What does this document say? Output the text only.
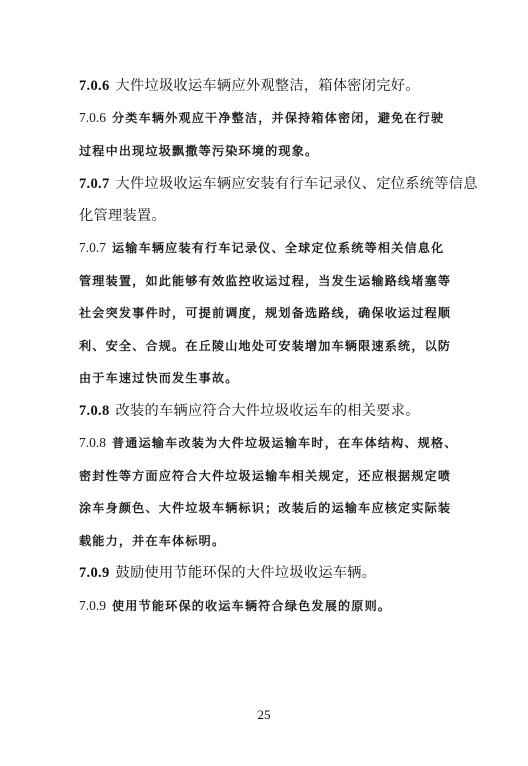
7.0.6 大件垃圾收运车辆应外观整洁，箱体密闭完好。
7.0.6 分类车辆外观应干净整洁，并保持箱体密闭，避免在行驶
过程中出现垃圾飘撒等污染环境的现象。
7.0.7 大件垃圾收运车辆应安装有行车记录仪、定位系统等信息
化管理装置。
7.0.7 运输车辆应装有行车记录仪、全球定位系统等相关信息化
管理装置，如此能够有效监控收运过程，当发生运输路线堵塞等
社会突发事件时，可提前调度，规划备选路线，确保收运过程顺
利、安全、合规。在丘陵山地处可安装增加车辆限速系统，以防
由于车速过快而发生事故。
7.0.8 改装的车辆应符合大件垃圾收运车的相关要求。
7.0.8 普通运输车改装为大件垃圾运输车时，在车体结构、规格、
密封性等方面应符合大件垃圾运输车相关规定，还应根据规定喷
涂车身颜色、大件垃圾车辆标识；改装后的运输车应核定实际装
载能力，并在车体标明。
7.0.9 鼓励使用节能环保的大件垃圾收运车辆。
7.0.9 使用节能环保的收运车辆符合绿色发展的原则。
25
